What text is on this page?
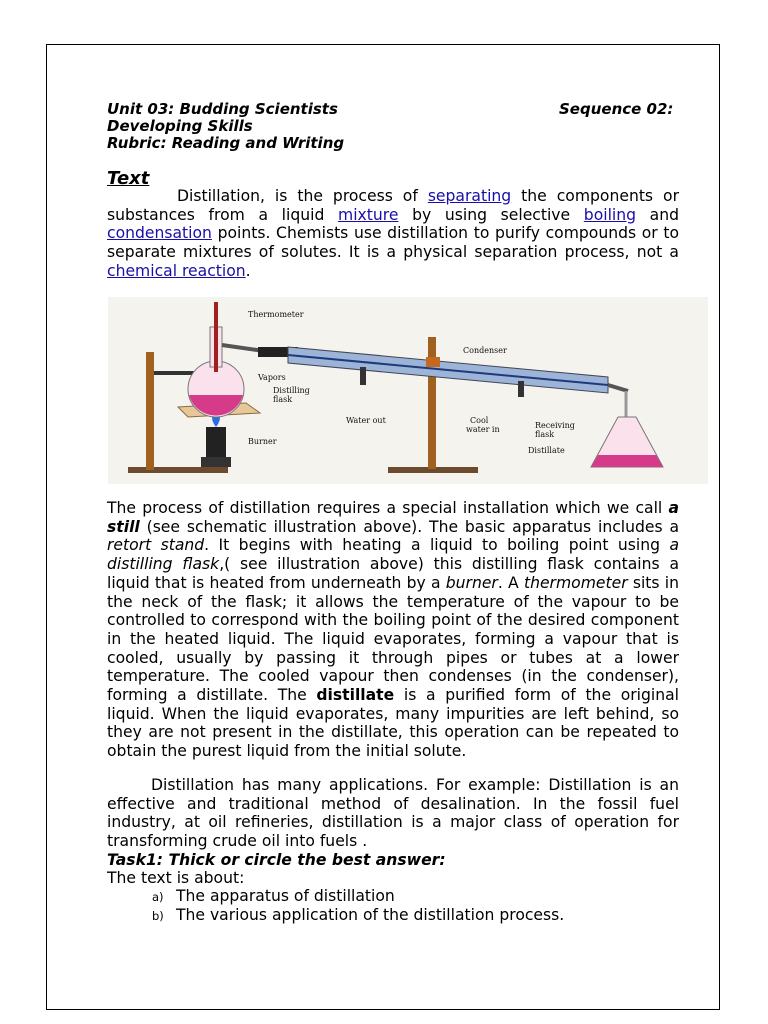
Unit 03: Budding Scientists	Sequence 02:
Developing Skills
Rubric: Reading and Writing
Text
Distillation, is the process of separating the components or substances from a liquid mixture by using selective boiling and condensation points. Chemists use distillation to purify compounds or to separate mixtures of solutes. It is a physical separation process, not a chemical reaction.
Thermometer
Condenser
Vapors
Distilling
flask
Water out	Cool
water in	Receiving
flask
Burner
Distillate
The process of distillation requires a special installation which we call a still (see schematic illustration above). The basic apparatus includes a retort stand. It begins with heating a liquid to boiling point using a distilling flask,( see illustration above) this distilling flask contains a liquid that is heated from underneath by a burner. A thermometer sits in the neck of the flask; it allows the temperature of the vapour to be controlled to correspond with the boiling point of the desired component in the heated liquid. The liquid evaporates, forming a vapour that is cooled, usually by passing it through pipes or tubes at a lower temperature. The cooled vapour then condenses (in the condenser), forming a distillate. The distillate is a purified form of the original liquid. When the liquid evaporates, many impurities are left behind, so they are not present in the distillate, this operation can be repeated to obtain the purest liquid from the initial solute.
Distillation has many applications. For example: Distillation is an effective and traditional method of desalination. In the fossil fuel industry, at oil refineries, distillation is a major class of operation for transforming crude oil into fuels .
Task1: Thick or circle the best answer:
The text is about:
a) The apparatus of distillation
b) The various application of the distillation process.
